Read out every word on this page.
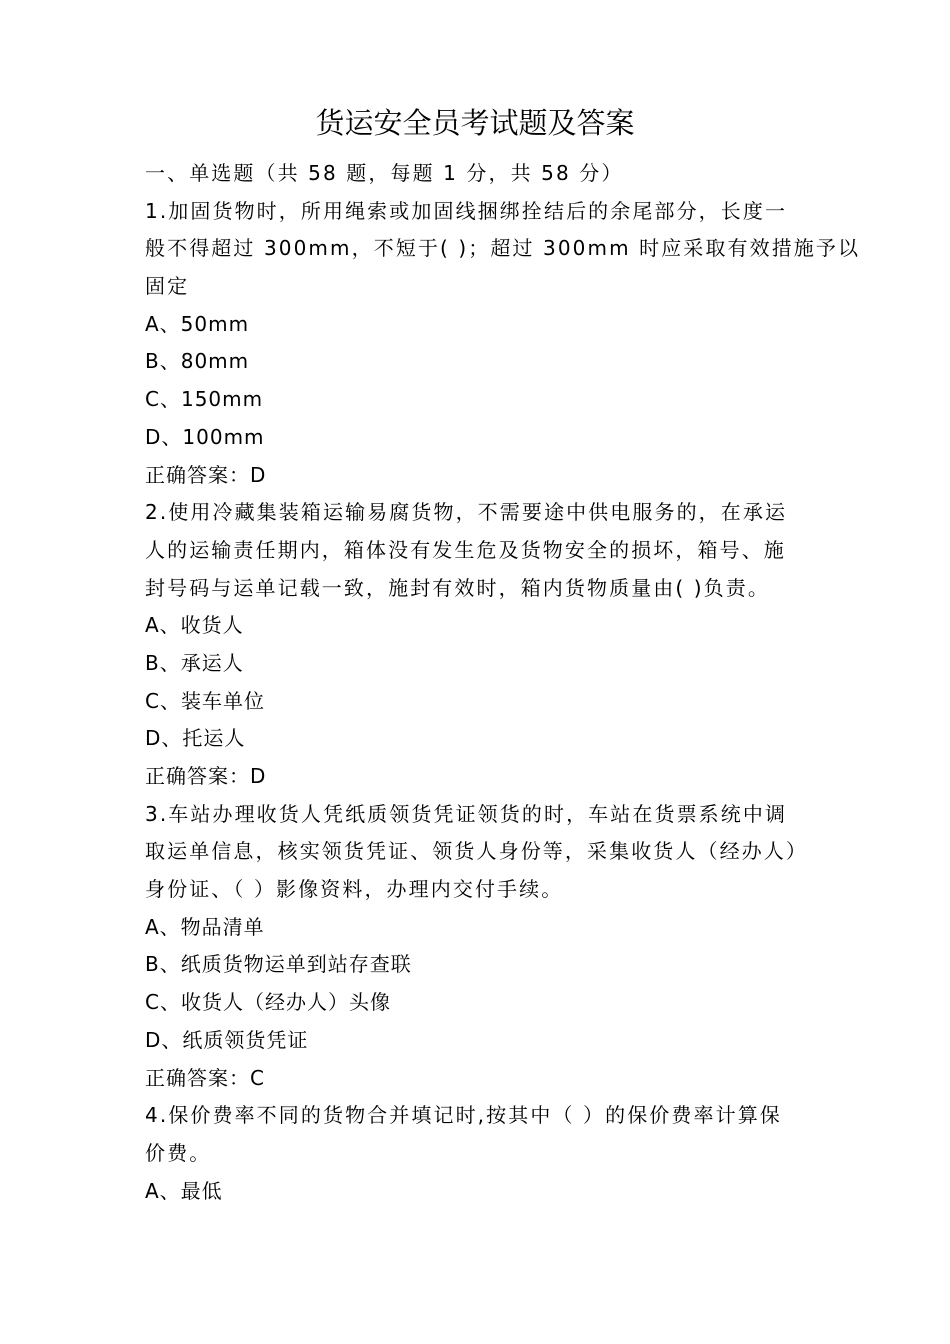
货运安全员考试题及答案
一、单选题（共 58 题，每题 1 分，共 58 分）
1.加固货物时，所用绳索或加固线捆绑拴结后的余尾部分，长度一
般不得超过 300mm，不短于( )；超过 300mm 时应采取有效措施予以
固定
A、50mm
B、80mm
C、150mm
D、100mm
正确答案：D
2.使用冷藏集装箱运输易腐货物，不需要途中供电服务的，在承运
人的运输责任期内，箱体没有发生危及货物安全的损坏，箱号、施
封号码与运单记载一致，施封有效时，箱内货物质量由( )负责。
A、收货人
B、承运人
C、装车单位
D、托运人
正确答案：D
3.车站办理收货人凭纸质领货凭证领货的时，车站在货票系统中调
取运单信息，核实领货凭证、领货人身份等，采集收货人（经办人）
身份证、（ ）影像资料，办理内交付手续。
A、物品清单
B、纸质货物运单到站存查联
C、收货人（经办人）头像
D、纸质领货凭证
正确答案：C
4.保价费率不同的货物合并填记时,按其中（ ）的保价费率计算保
价费。
A、最低
